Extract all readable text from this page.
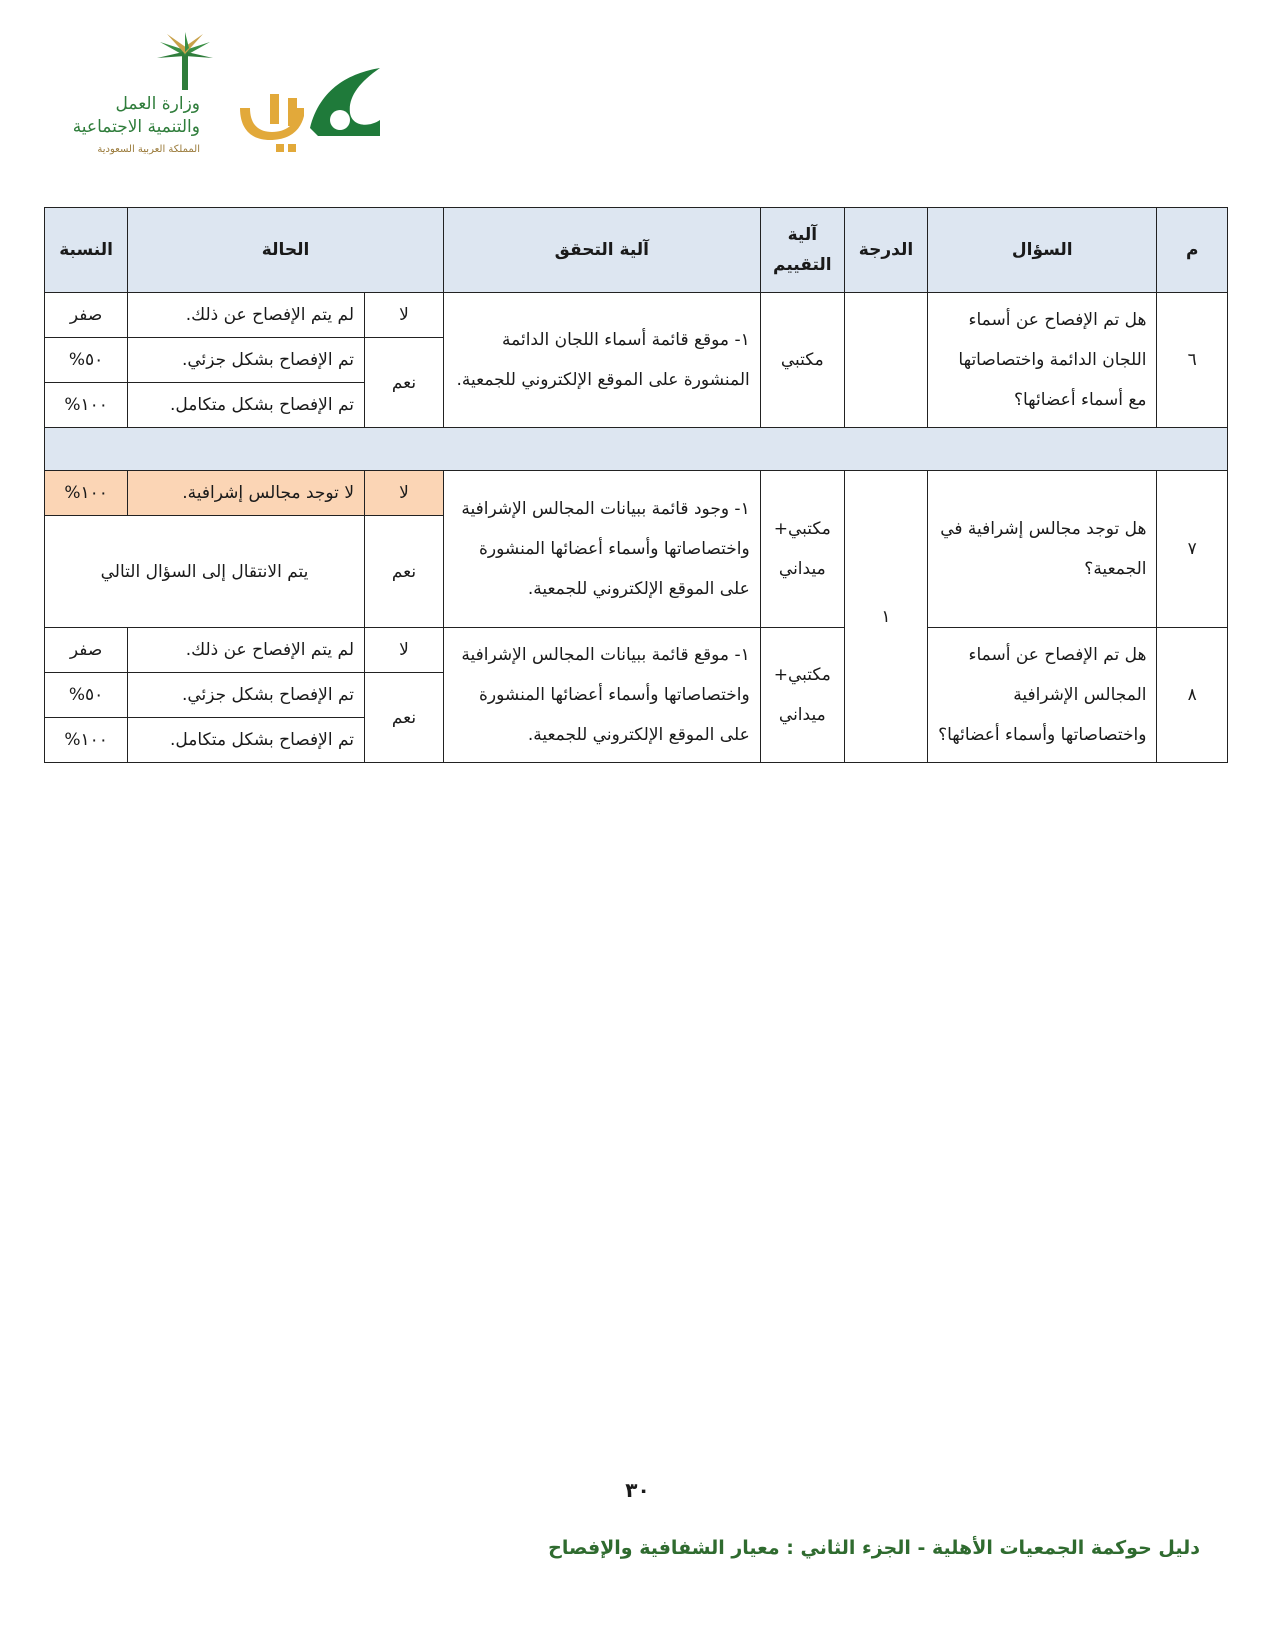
وزارة العمل
والتنمية الاجتماعية
المملكة العربية السعودية
م	السؤال	الدرجة	آلية التقييم	آلية التحقق	الحالة		النسبة
٦	هل تم الإفصاح عن أسماء اللجان الدائمة واختصاصاتها مع أسماء أعضائها؟		مكتبي	١- موقع قائمة أسماء اللجان الدائمة المنشورة على الموقع الإلكتروني للجمعية.	لا	لم يتم الإفصاح عن ذلك.	صفر
					نعم	تم الإفصاح بشكل جزئي.	٥٠%
						تم الإفصاح بشكل متكامل.	١٠٠%

٧	هل توجد مجالس إشرافية في الجمعية؟	١	مكتبي+ ميداني	١- وجود قائمة ببيانات المجالس الإشرافية واختصاصاتها وأسماء أعضائها المنشورة على الموقع الإلكتروني للجمعية.	لا	لا توجد مجالس إشرافية.	١٠٠%
					نعم	يتم الانتقال إلى السؤال التالي	
٨	هل تم الإفصاح عن أسماء المجالس الإشرافية واختصاصاتها وأسماء أعضائها؟		مكتبي+ ميداني	١- موقع قائمة ببيانات المجالس الإشرافية واختصاصاتها وأسماء أعضائها المنشورة على الموقع الإلكتروني للجمعية.	لا	لم يتم الإفصاح عن ذلك.	صفر
					نعم	تم الإفصاح بشكل جزئي.	٥٠%
						تم الإفصاح بشكل متكامل.	١٠٠%
٣٠
دليل حوكمة الجمعيات الأهلية - الجزء الثاني : معيار الشفافية والإفصاح
